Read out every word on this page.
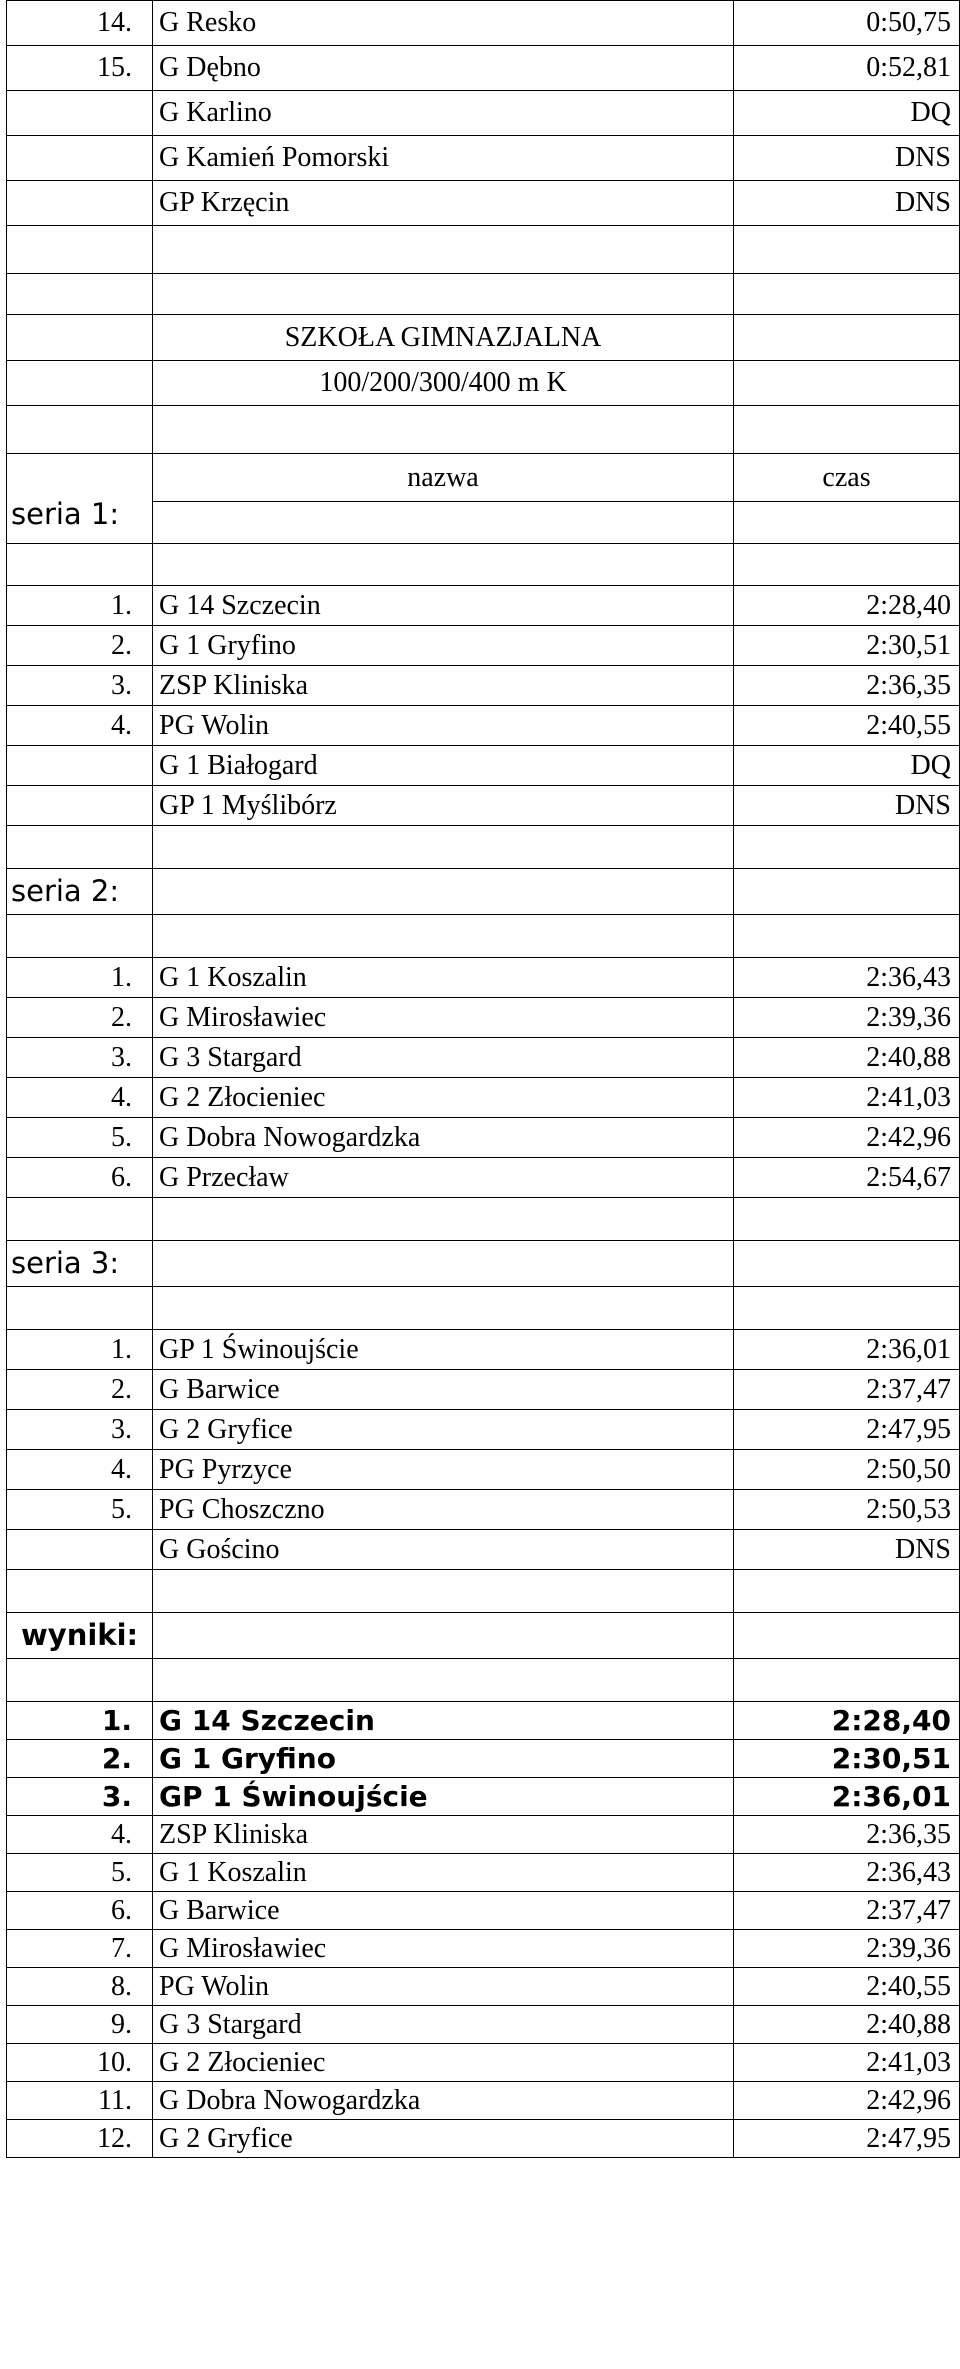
14.	G Resko	0:50,75
15.	G Dębno	0:52,81
	G Karlino	DQ
	G Kamień Pomorski	DNS
	GP Krzęcin	DNS

	SZKOŁA GIMNAZJALNA	
	100/200/300/400 m K	

seria 1:	nazwa	czas

1.	G 14 Szczecin	2:28,40
2.	G 1 Gryfino	2:30,51
3.	ZSP Kliniska	2:36,35
4.	PG Wolin	2:40,55
	G 1 Białogard	DQ
	GP 1 Myślibórz	DNS

seria 2:		

1.	G 1 Koszalin	2:36,43
2.	G Mirosławiec	2:39,36
3.	G 3 Stargard	2:40,88
4.	G 2 Złocieniec	2:41,03
5.	G Dobra Nowogardzka	2:42,96
6.	G Przecław	2:54,67

seria 3:		

1.	GP 1 Świnoujście	2:36,01
2.	G Barwice	2:37,47
3.	G 2 Gryfice	2:47,95
4.	PG Pyrzyce	2:50,50
5.	PG Choszczno	2:50,53
	G Gościno	DNS

wyniki:		

1.	G 14 Szczecin	2:28,40
2.	G 1 Gryfino	2:30,51
3.	GP 1 Świnoujście	2:36,01
4.	ZSP Kliniska	2:36,35
5.	G 1 Koszalin	2:36,43
6.	G Barwice	2:37,47
7.	G Mirosławiec	2:39,36
8.	PG Wolin	2:40,55
9.	G 3 Stargard	2:40,88
10.	G 2 Złocieniec	2:41,03
11.	G Dobra Nowogardzka	2:42,96
12.	G 2 Gryfice	2:47,95
